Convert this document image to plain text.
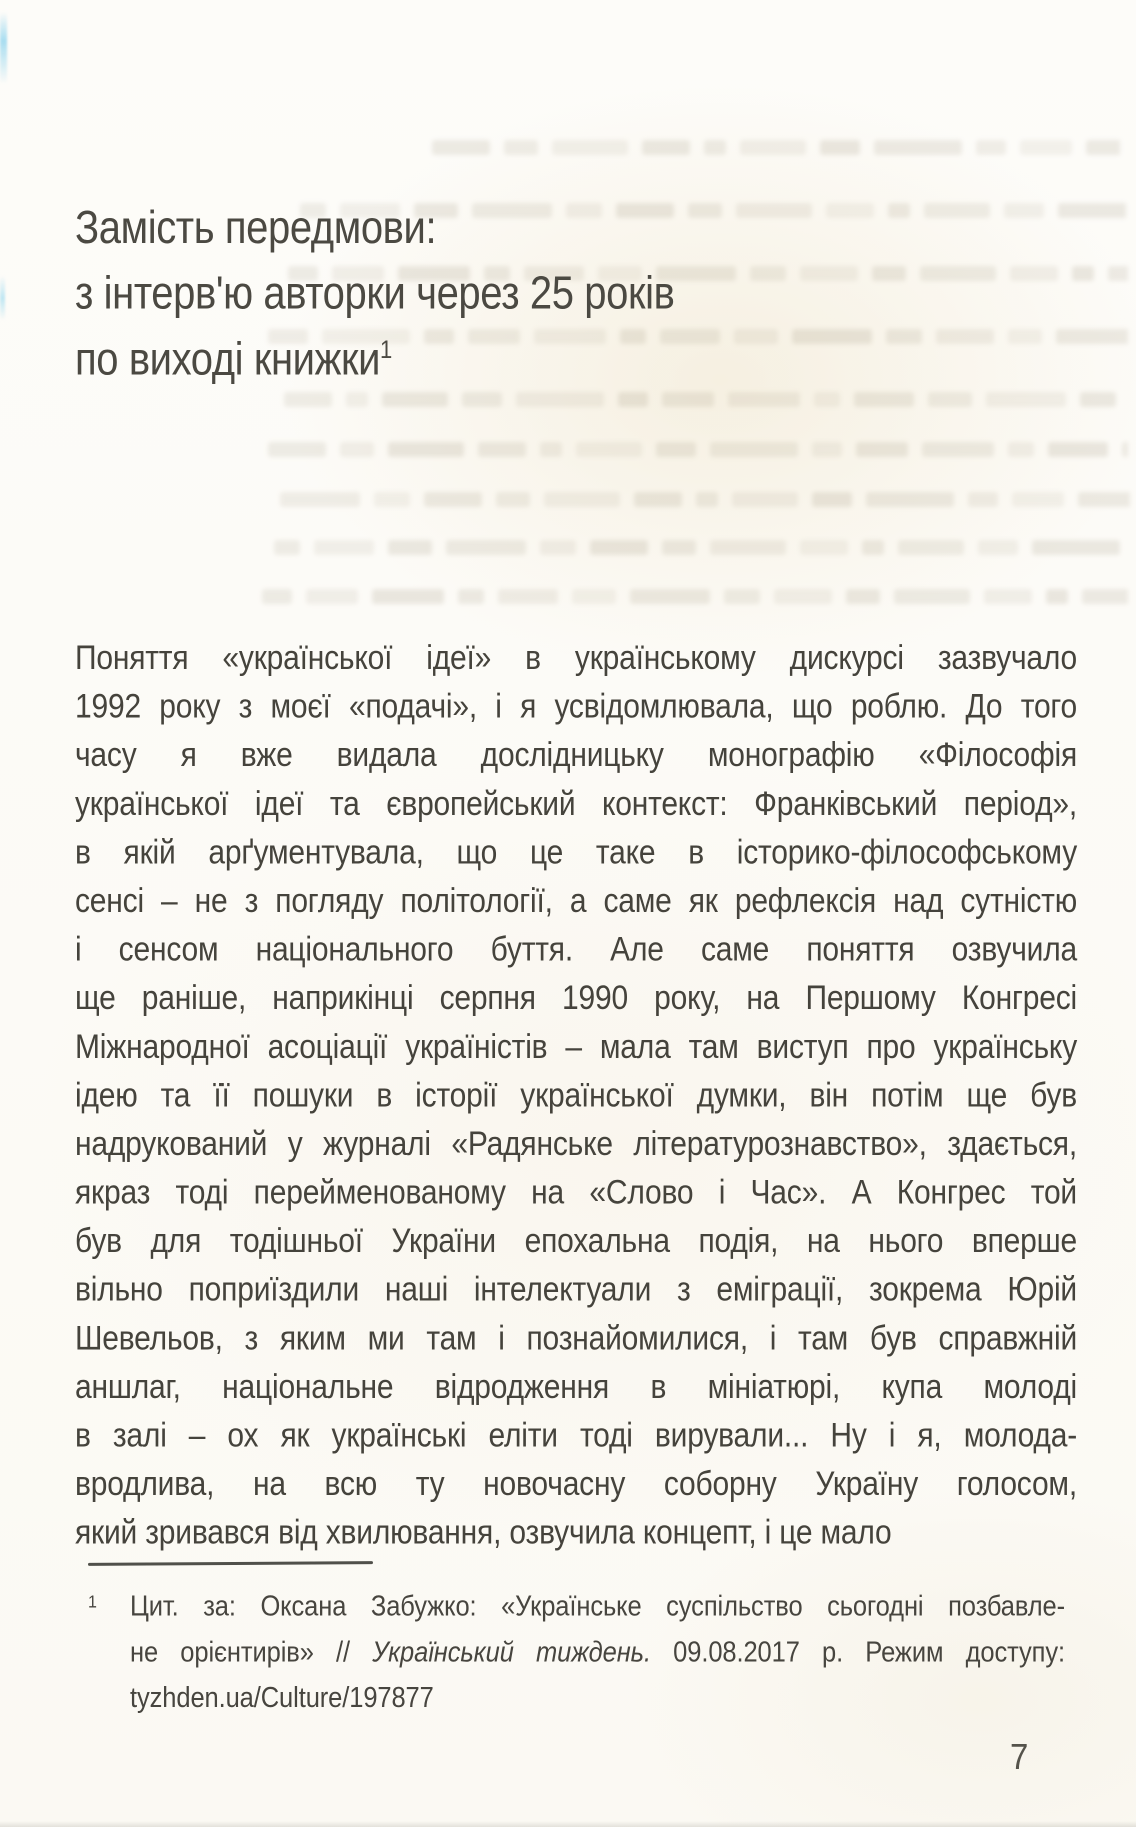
Замість передмови:
з інтерв'ю авторки через 25 років
по виході книжки$^1$
Поняття «української ідеї» в українському дискурсі зазвучало
1992 року з моєї «подачі», і я усвідомлювала, що роблю. До того
часу я вже видала дослідницьку монографію «Філософія
української ідеї та європейський контекст: Франківський період»,
в якій арґументувала, що це таке в історико-філософському
сенсі – не з погляду політології, а саме як рефлексія над сутністю
і сенсом національного буття. Але саме поняття озвучила
ще раніше, наприкінці серпня 1990 року, на Першому Конгресі
Міжнародної асоціації україністів – мала там виступ про українську
ідею та її пошуки в історії української думки, він потім ще був
надрукований у журналі «Радянське літературознавство», здається,
якраз тоді перейменованому на «Слово і Час». А Конгрес той
був для тодішньої України епохальна подія, на нього вперше
вільно поприїздили наші інтелектуали з еміграції, зокрема Юрій
Шевельов, з яким ми там і познайомилися, і там був справжній
аншлаг, національне відродження в мініатюрі, купа молоді
в залі – ох як українські еліти тоді вирували... Ну і я, молода-
вродлива, на всю ту новочасну соборну Україну голосом,
який зривався від хвилювання, озвучила концепт, і це мало
1 Цит. за: Оксана Забужко: «Українське суспільство сьогодні позбавле-
не орієнтирів» // Український тиждень. 09.08.2017 р. Режим доступу:
tyzhden.ua/Culture/197877
7
